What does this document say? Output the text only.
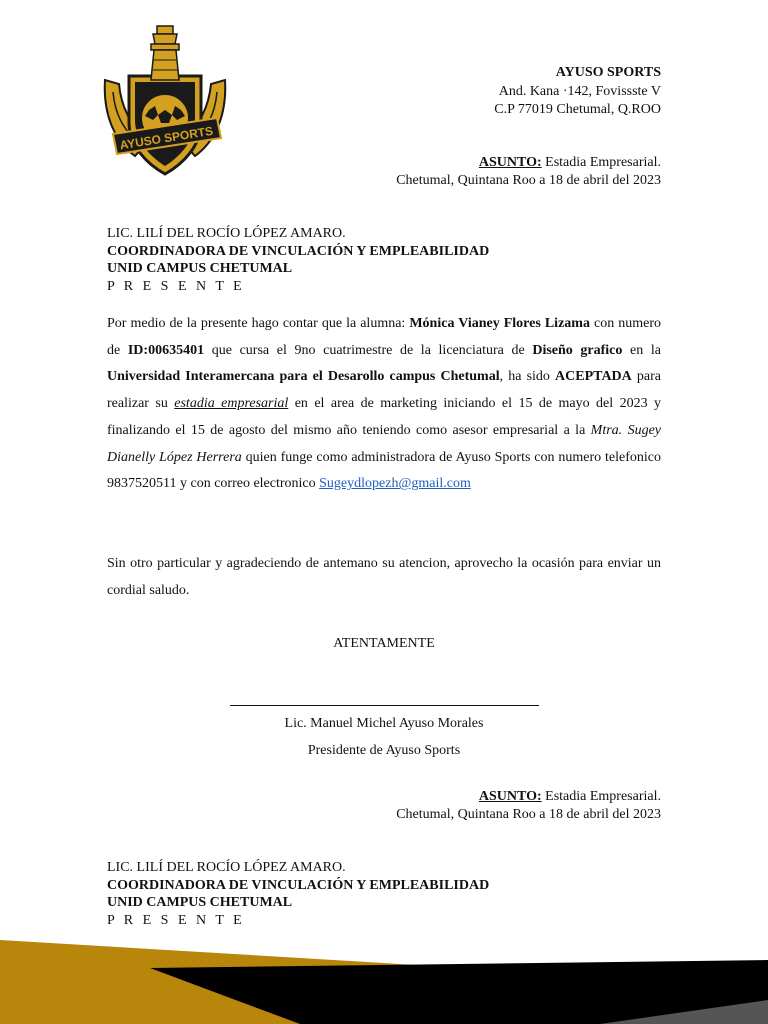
AYUSO SPORTS
AYUSO SPORTS
And. Kana ·142, Fovissste V
C.P 77019 Chetumal, Q.ROO
ASUNTO: Estadia Empresarial.
Chetumal, Quintana Roo a 18 de abril del 2023
LIC. LILÍ DEL ROCÍO LÓPEZ AMARO.
COORDINADORA DE VINCULACIÓN Y EMPLEABILIDAD
UNID CAMPUS CHETUMAL
P R E S E N T E

Por medio de la presente hago contar que la alumna: Mónica Vianey Flores Lizama con numero de ID:00635401 que cursa el 9no cuatrimestre de la licenciatura de Diseño grafico en la Universidad Interamercana para el Desarollo campus Chetumal, ha sido ACEPTADA para realizar su estadia empresarial en el area de marketing iniciando el 15 de mayo del 2023 y finalizando el 15 de agosto del mismo año teniendo como asesor empresarial a la Mtra. Sugey Dianelly López Herrera quien funge como administradora de Ayuso Sports con numero telefonico 9837520511 y con correo electronico Sugeydlopezh@gmail.com

Sin otro particular y agradeciendo de antemano su atencion, aprovecho la ocasión para enviar un cordial saludo.

ATENTAMENTE
Lic. Manuel Michel Ayuso Morales
Presidente de Ayuso Sports
ASUNTO: Estadia Empresarial.
Chetumal, Quintana Roo a 18 de abril del 2023
LIC. LILÍ DEL ROCÍO LÓPEZ AMARO.
COORDINADORA DE VINCULACIÓN Y EMPLEABILIDAD
UNID CAMPUS CHETUMAL
P R E S E N T E
